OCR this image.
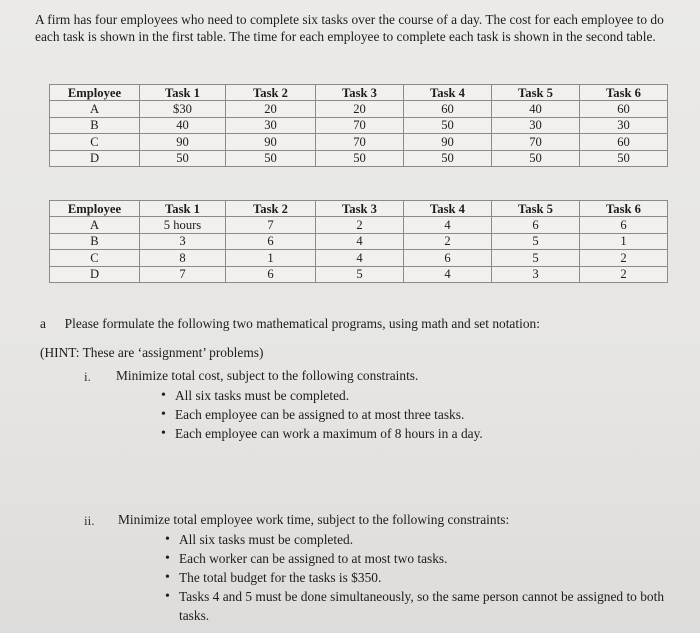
A firm has four employees who need to complete six tasks over the course of a day. The cost for each employee to do each task is shown in the first table. The time for each employee to complete each task is shown in the second table.
Employee	Task 1	Task 2	Task 3	Task 4	Task 5	Task 6
A	$30	20	20	60	40	60
B	40	30	70	50	30	30
C	90	90	70	90	70	60
D	50	50	50	50	50	50
Employee	Task 1	Task 2	Task 3	Task 4	Task 5	Task 6
A	5 hours	7	2	4	6	6
B	3	6	4	2	5	1
C	8	1	4	6	5	2
D	7	6	5	4	3	2
a Please formulate the following two mathematical programs, using math and set notation:
(HINT: These are ‘assignment’ problems)
i. Minimize total cost, subject to the following constraints.
• All six tasks must be completed.
• Each employee can be assigned to at most three tasks.
• Each employee can work a maximum of 8 hours in a day.
ii. Minimize total employee work time, subject to the following constraints:
• All six tasks must be completed.
• Each worker can be assigned to at most two tasks.
• The total budget for the tasks is $350.
• Tasks 4 and 5 must be done simultaneously, so the same person cannot be assigned to both tasks.
